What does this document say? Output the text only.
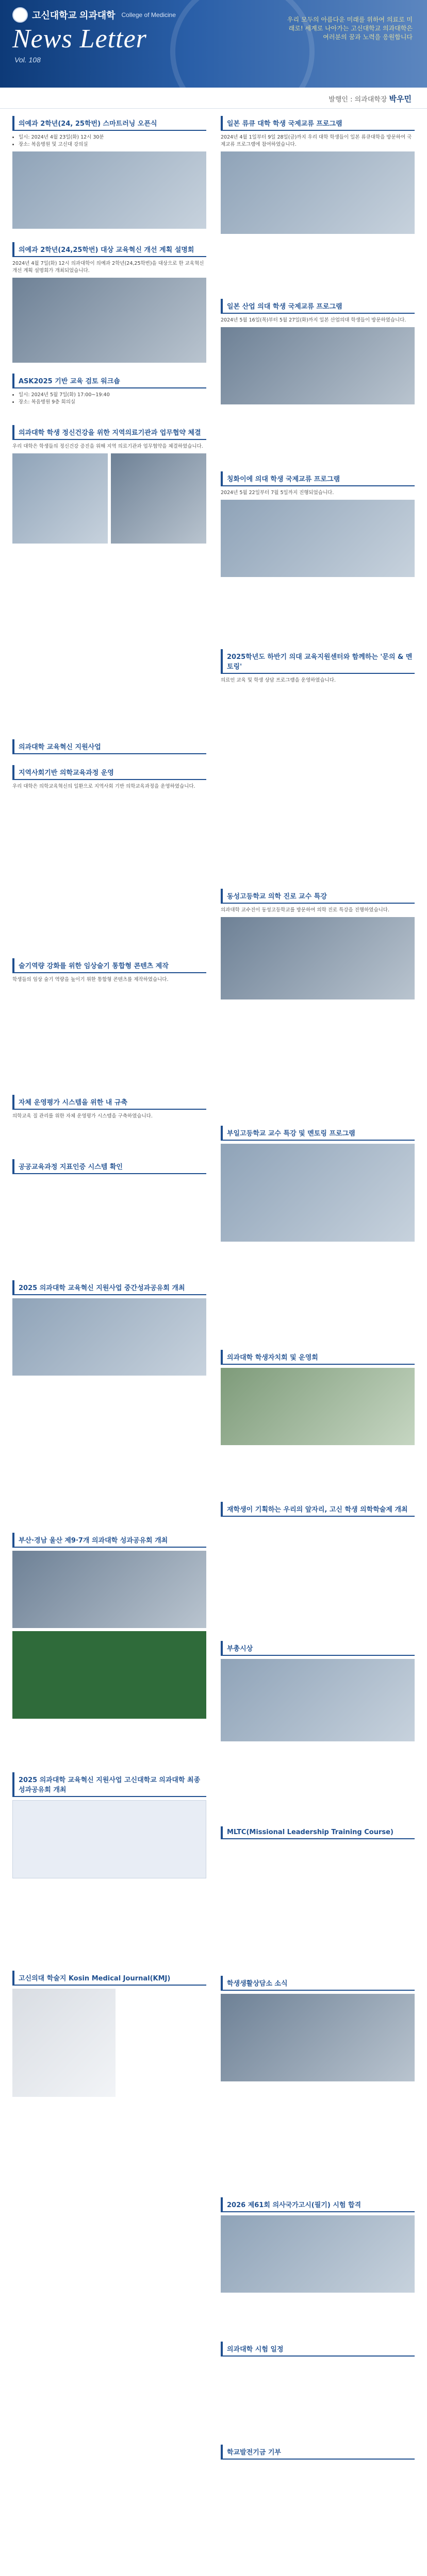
고신대학교 의과대학 College of Medicine
News Letter
Vol. 108
우리 모두의 아름다운 미래를 위하여 의료로 미래로! 세계로 나아가는 고신대학교 의과대학은 여러분의 꿈과 노력을 응원합니다
발행인 : 의과대학장 박우민
의예과 2학년(24, 25학번) 스마트러닝 오픈식
• 일시: 2024년 4월 23일(화) 12시 30분
• 장소: 복음병원 및 고신대 강의실
의예과 2학년(24,25학번) 대상 교육혁신 개선 계획 설명회

2024년 4월 7일(화) 12시 의과대학이 의예과 2학년(24,25학번)을 대상으로 한 교육혁신 개선 계획 설명회가 개최되었습니다.

ASK2025 기반 교육 검토 워크숍
• 일시: 2024년 5월 7일(화) 17:00~19:40
• 장소: 복음병원 9층 회의실
의과대학 학생 정신건강을 위한 지역의료기관과 업무협약 체결

우리 대학은 학생들의 정신건강 증진을 위해 지역 의료기관과 업무협약을 체결하였습니다.

의과대학 교육혁신 지원사업
지역사회기반 의학교육과정 운영

우리 대학은 의학교육혁신의 일환으로 지역사회 기반 의학교육과정을 운영하였습니다.

술기역량 강화를 위한 임상술기 통합형 콘텐츠 제작

학생들의 임상 술기 역량을 높이기 위한 통합형 콘텐츠를 제작하였습니다.

자체 운영평가 시스템을 위한 내 규축

의학교육 질 관리를 위한 자체 운영평가 시스템을 구축하였습니다.

공공교육과정 지표인증 시스템 확인
2025 의과대학 교육혁신 지원사업 중간성과공유회 개최
부산·경남 울산 제9·7개 의과대학 성과공유회 개최
2025 의과대학 교육혁신 지원사업 고신대학교 의과대학 최종성과공유회 개최
고신의대 학술지 Kosin Medical Journal(KMJ)
일본 류큐 대학 학생 국제교류 프로그램

2024년 4월 1일부터 9일 28일(금)까지 우리 대학 학생들이 일본 류큐대학을 방문하여 국제교류 프로그램에 참여하였습니다.

일본 산업 의대 학생 국제교류 프로그램

2024년 5월 16일(목)부터 5월 27일(화)까지 일본 산업의대 학생들이 방문하였습니다.

칭화이에 의대 학생 국제교류 프로그램

2024년 5월 22일부터 7월 5일까지 진행되었습니다.

2025학년도 하반기 의대 교육지원센터와 함께하는 '문의 & 멘토링'

의료인 교육 및 학생 상담 프로그램을 운영하였습니다.

동성고등학교 의학 진로 교수 특강

의과대학 교수진이 동성고등학교를 방문하여 의학 진로 특강을 진행하였습니다.

부일고등학교 교수 특강 및 멘토링 프로그램
의과대학 학생자치회 및 운영회
재학생이 기획하는 우리의 앞자리, 고신 학생 의학학술제 개최
부총시상
MLTC(Missional Leadership Training Course)
학생생활상담소 소식
2026 제61회 의사국가고시(필기) 시험 합격
의과대학 시험 일정
학교발전기금 기부
